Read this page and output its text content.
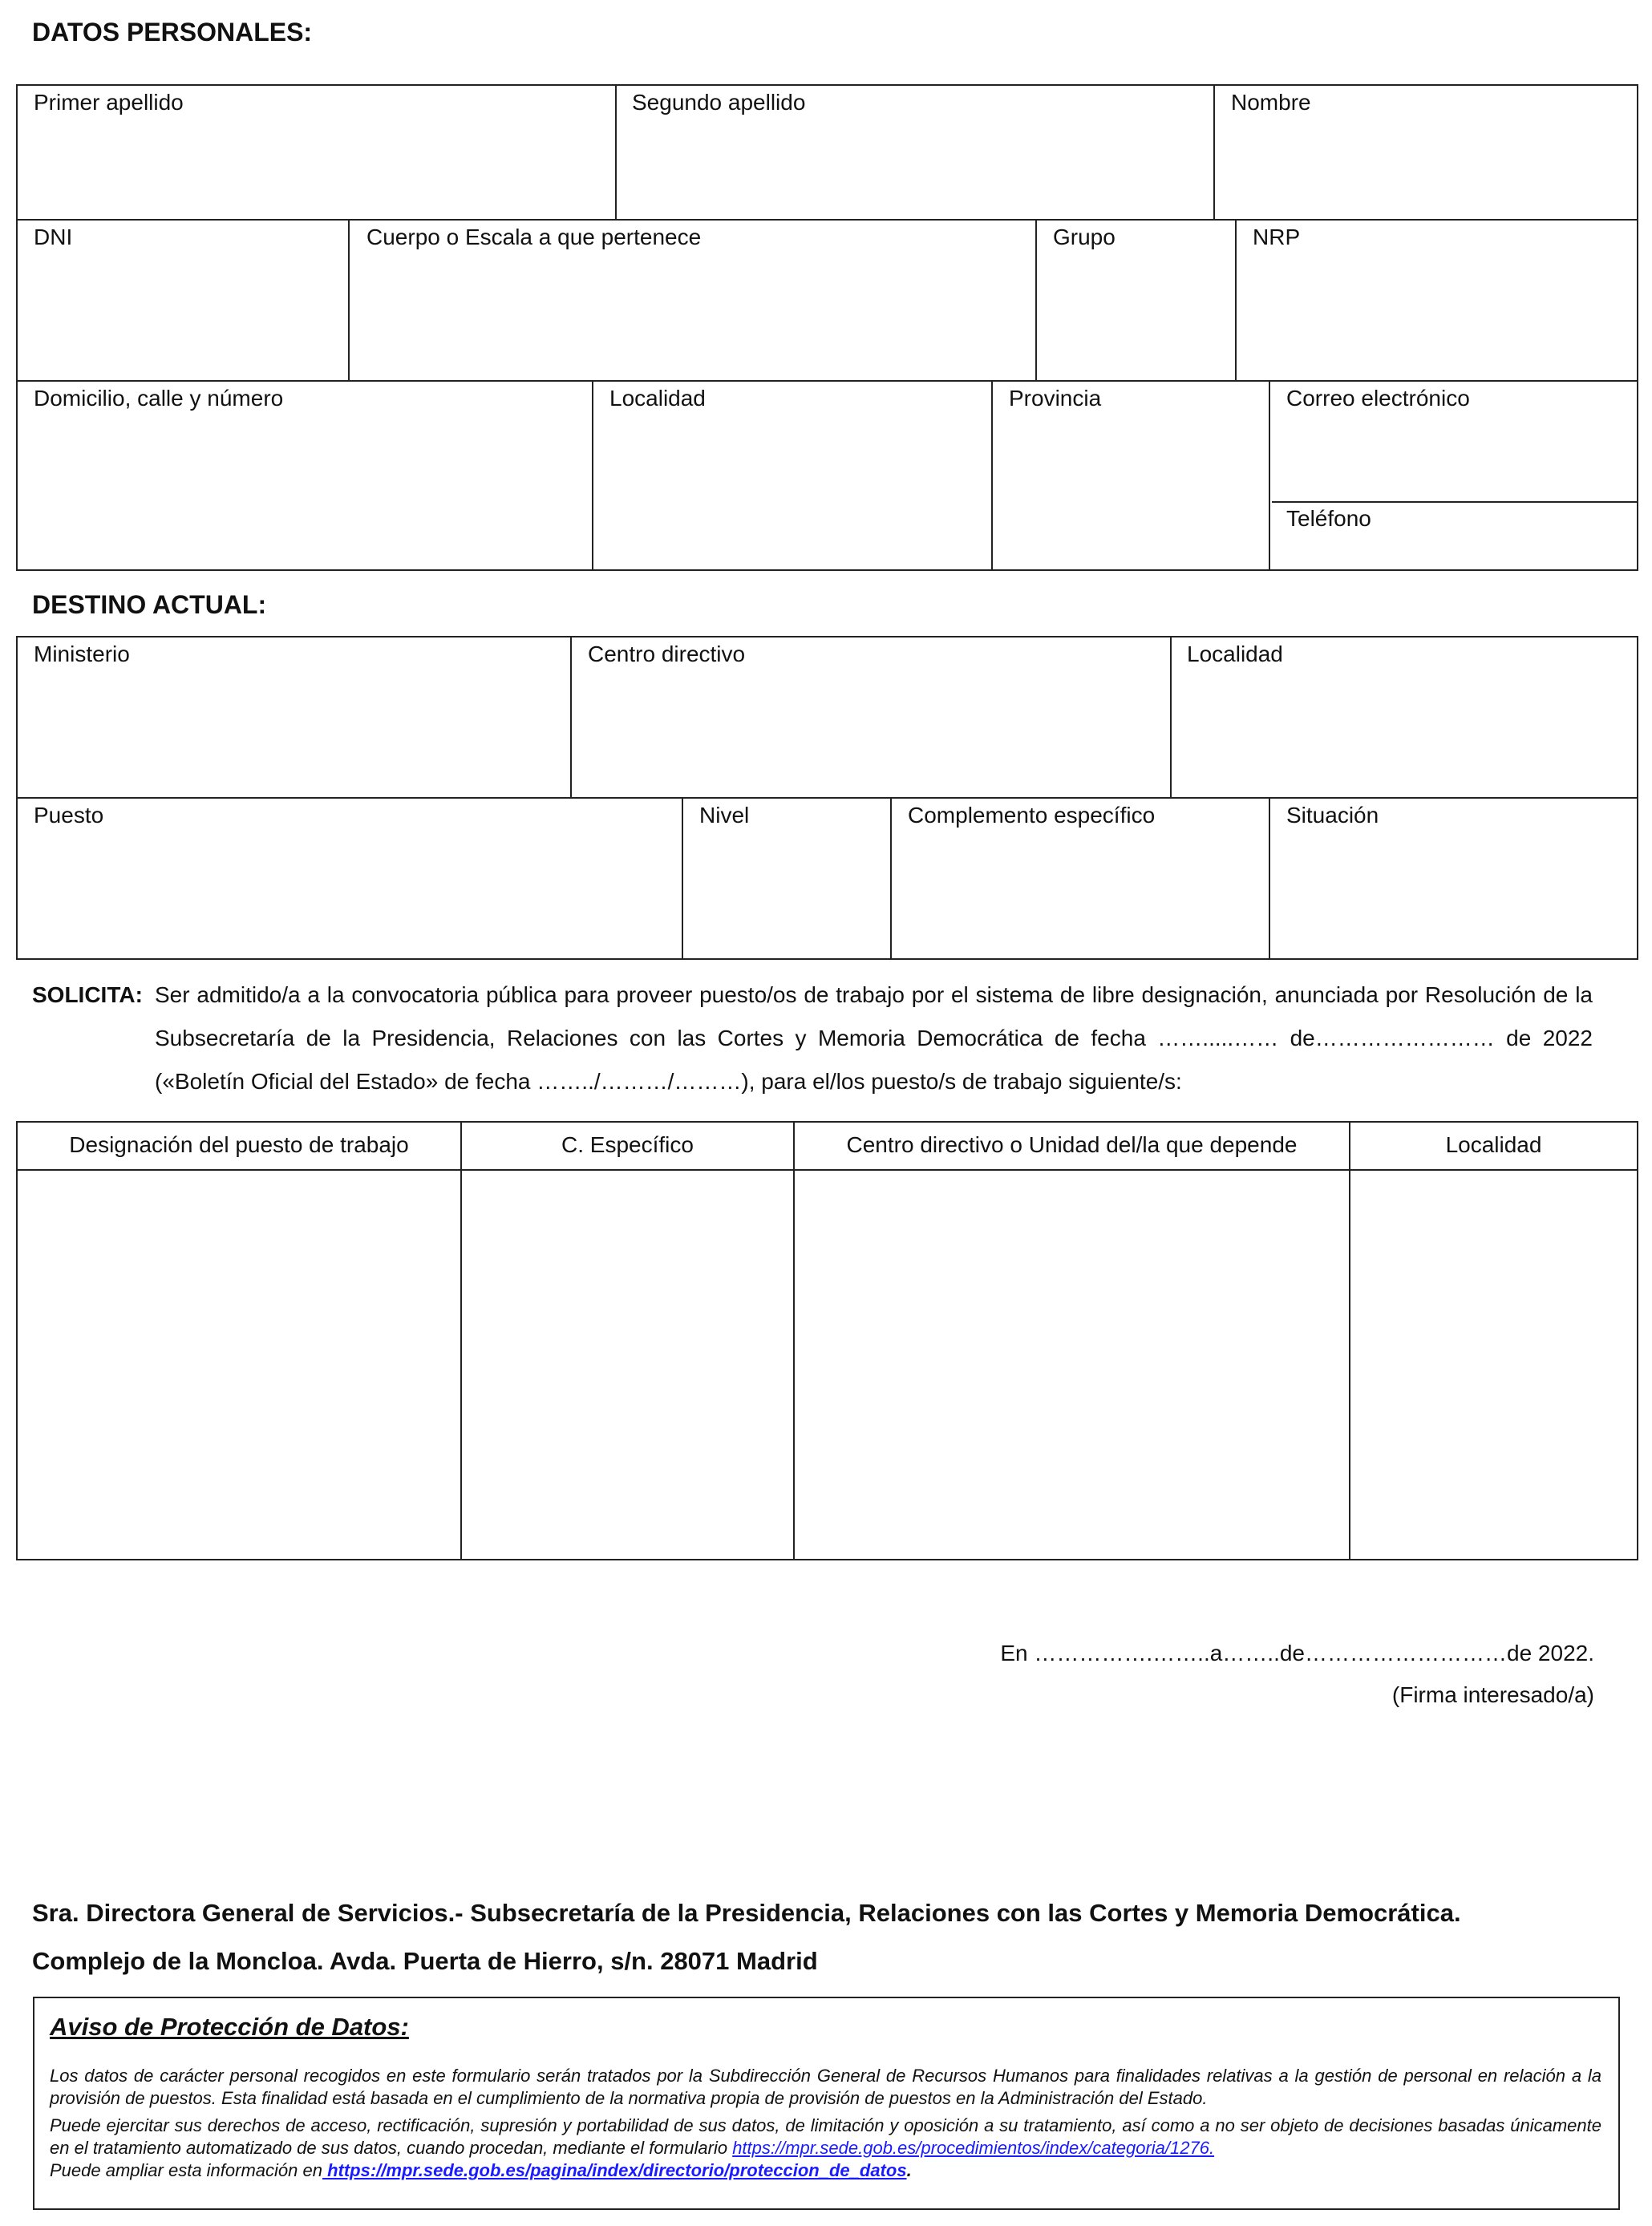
DATOS PERSONALES:
Primer apellido	Segundo apellido	Nombre
DNI	Cuerpo o Escala a que pertenece	Grupo	NRP
Domicilio, calle y número	Localidad	Provincia	Correo electrónico
Teléfono
DESTINO ACTUAL:
Ministerio	Centro directivo	Localidad
Puesto	Nivel	Complemento específico	Situación
SOLICITA: Ser admitido/a a la convocatoria pública para proveer puesto/os de trabajo por el sistema de libre designación, anunciada por Resolución de la Subsecretaría de la Presidencia, Relaciones con las Cortes y Memoria Democrática de fecha …….....…… de…………………… de 2022 («Boletín Oficial del Estado» de fecha ……../………/………), para el/los puesto/s de trabajo siguiente/s:
Designación del puesto de trabajo	C. Específico	Centro directivo o Unidad del/la que depende	Localidad
En …………….……..a……..de………………………de 2022.
(Firma interesado/a)
Sra. Directora General de Servicios.- Subsecretaría de la Presidencia, Relaciones con las Cortes y Memoria Democrática.
Complejo de la Moncloa. Avda. Puerta de Hierro, s/n. 28071 Madrid
Aviso de Protección de Datos:
Los datos de carácter personal recogidos en este formulario serán tratados por la Subdirección General de Recursos Humanos para finalidades relativas a la gestión de personal en relación a la provisión de puestos. Esta finalidad está basada en el cumplimiento de la normativa propia de provisión de puestos en la Administración del Estado.
Puede ejercitar sus derechos de acceso, rectificación, supresión y portabilidad de sus datos, de limitación y oposición a su tratamiento, así como a no ser objeto de decisiones basadas únicamente en el tratamiento automatizado de sus datos, cuando procedan, mediante el formulario https://mpr.sede.gob.es/procedimientos/index/categoria/1276.
Puede ampliar esta información en https://mpr.sede.gob.es/pagina/index/directorio/proteccion_de_datos.
